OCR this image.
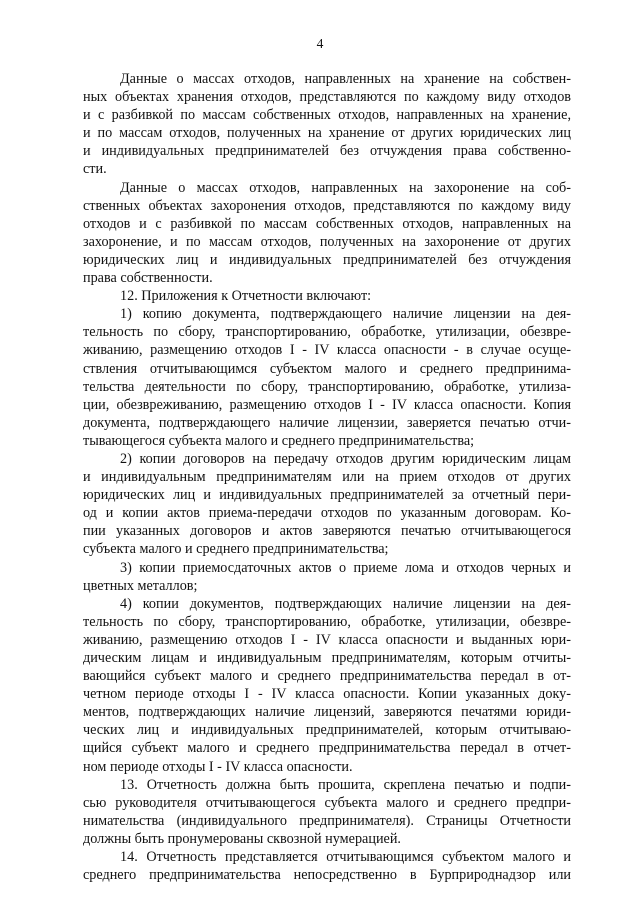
4
Данные о массах отходов, направленных на хранение на собствен-
ных объектах хранения отходов, представляются по каждому виду отходов
и с разбивкой по массам собственных отходов, направленных на хранение,
и по массам отходов, полученных на хранение от других юридических лиц
и индивидуальных предпринимателей без отчуждения права собственно-
сти.
Данные о массах отходов, направленных на захоронение на соб-
ственных объектах захоронения отходов, представляются по каждому виду
отходов и с разбивкой по массам собственных отходов, направленных на
захоронение, и по массам отходов, полученных на захоронение от других
юридических лиц и индивидуальных предпринимателей без отчуждения
права собственности.
12. Приложения к Отчетности включают:
1) копию документа, подтверждающего наличие лицензии на дея-
тельность по сбору, транспортированию, обработке, утилизации, обезвре-
живанию, размещению отходов I - IV класса опасности - в случае осуще-
ствления отчитывающимся субъектом малого и среднего предпринима-
тельства деятельности по сбору, транспортированию, обработке, утилиза-
ции, обезвреживанию, размещению отходов I - IV класса опасности. Копия
документа, подтверждающего наличие лицензии, заверяется печатью отчи-
тывающегося субъекта малого и среднего предпринимательства;
2) копии договоров на передачу отходов другим юридическим лицам
и индивидуальным предпринимателям или на прием отходов от других
юридических лиц и индивидуальных предпринимателей за отчетный пери-
од и копии актов приема-передачи отходов по указанным договорам. Ко-
пии указанных договоров и актов заверяются печатью отчитывающегося
субъекта малого и среднего предпринимательства;
3) копии приемосдаточных актов о приеме лома и отходов черных и
цветных металлов;
4) копии документов, подтверждающих наличие лицензии на дея-
тельность по сбору, транспортированию, обработке, утилизации, обезвре-
живанию, размещению отходов I - IV класса опасности и выданных юри-
дическим лицам и индивидуальным предпринимателям, которым отчиты-
вающийся субъект малого и среднего предпринимательства передал в от-
четном периоде отходы I - IV класса опасности. Копии указанных доку-
ментов, подтверждающих наличие лицензий, заверяются печатями юриди-
ческих лиц и индивидуальных предпринимателей, которым отчитываю-
щийся субъект малого и среднего предпринимательства передал в отчет-
ном периоде отходы I - IV класса опасности.
13. Отчетность должна быть прошита, скреплена печатью и подпи-
сью руководителя отчитывающегося субъекта малого и среднего предпри-
нимательства (индивидуального предпринимателя). Страницы Отчетности
должны быть пронумерованы сквозной нумерацией.
14. Отчетность представляется отчитывающимся субъектом малого и
среднего предпринимательства непосредственно в Бурприроднадзор или
